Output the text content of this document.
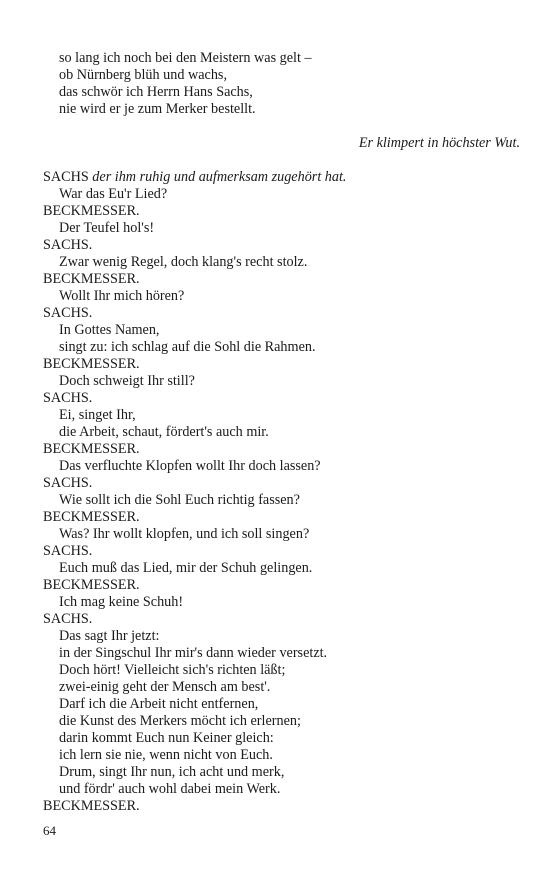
so lang ich noch bei den Meistern was gelt –
ob Nürnberg blüh und wachs,
das schwör ich Herrn Hans Sachs,
nie wird er je zum Merker bestellt.
Er klimpert in höchster Wut.
SACHS der ihm ruhig und aufmerksam zugehört hat.
War das Eu'r Lied?
BECKMESSER.
Der Teufel hol's!
SACHS.
Zwar wenig Regel, doch klang's recht stolz.
BECKMESSER.
Wollt Ihr mich hören?
SACHS.
In Gottes Namen,
singt zu: ich schlag auf die Sohl die Rahmen.
BECKMESSER.
Doch schweigt Ihr still?
SACHS.
Ei, singet Ihr,
die Arbeit, schaut, fördert's auch mir.
BECKMESSER.
Das verfluchte Klopfen wollt Ihr doch lassen?
SACHS.
Wie sollt ich die Sohl Euch richtig fassen?
BECKMESSER.
Was? Ihr wollt klopfen, und ich soll singen?
SACHS.
Euch muß das Lied, mir der Schuh gelingen.
BECKMESSER.
Ich mag keine Schuh!
SACHS.
Das sagt Ihr jetzt:
in der Singschul Ihr mir's dann wieder versetzt.
Doch hört! Vielleicht sich's richten läßt;
zwei-einig geht der Mensch am best'.
Darf ich die Arbeit nicht entfernen,
die Kunst des Merkers möcht ich erlernen;
darin kommt Euch nun Keiner gleich:
ich lern sie nie, wenn nicht von Euch.
Drum, singt Ihr nun, ich acht und merk,
und fördr' auch wohl dabei mein Werk.
BECKMESSER.
64
